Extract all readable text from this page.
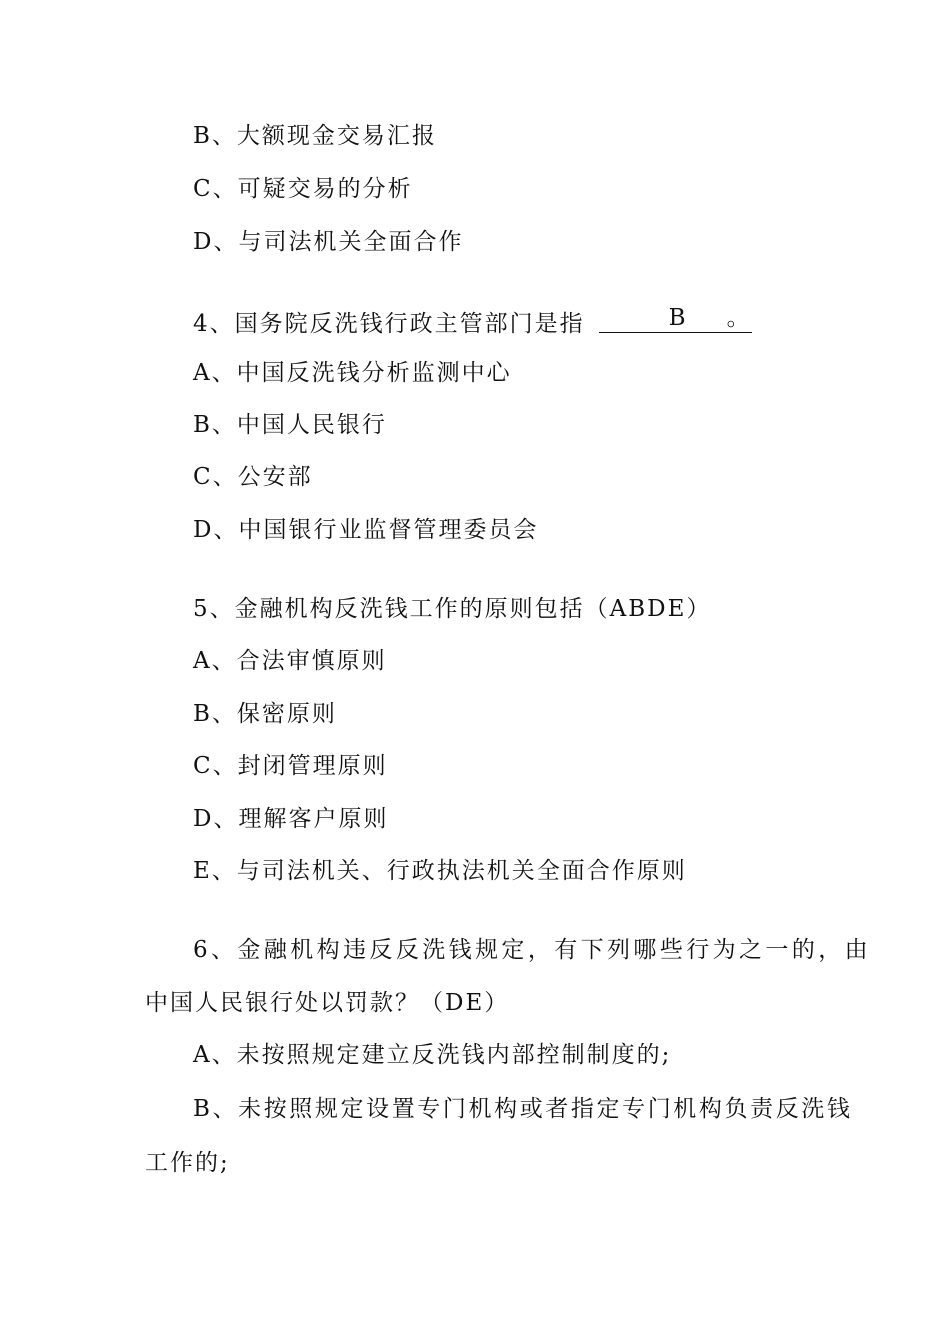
B、大额现金交易汇报
C、可疑交易的分析
D、与司法机关全面合作
4、国务院反洗钱行政主管部门是指	B 。
A、中国反洗钱分析监测中心
B、中国人民银行
C、公安部
D、中国银行业监督管理委员会
5、金融机构反洗钱工作的原则包括（ABDE）
A、合法审慎原则
B、保密原则
C、封闭管理原则
D、理解客户原则
E、与司法机关、行政执法机关全面合作原则
6、金融机构违反反洗钱规定，有下列哪些行为之一的，由
中国人民银行处以罚款？（DE）
A、未按照规定建立反洗钱内部控制制度的;
B、未按照规定设置专门机构或者指定专门机构负责反洗钱
工作的;
